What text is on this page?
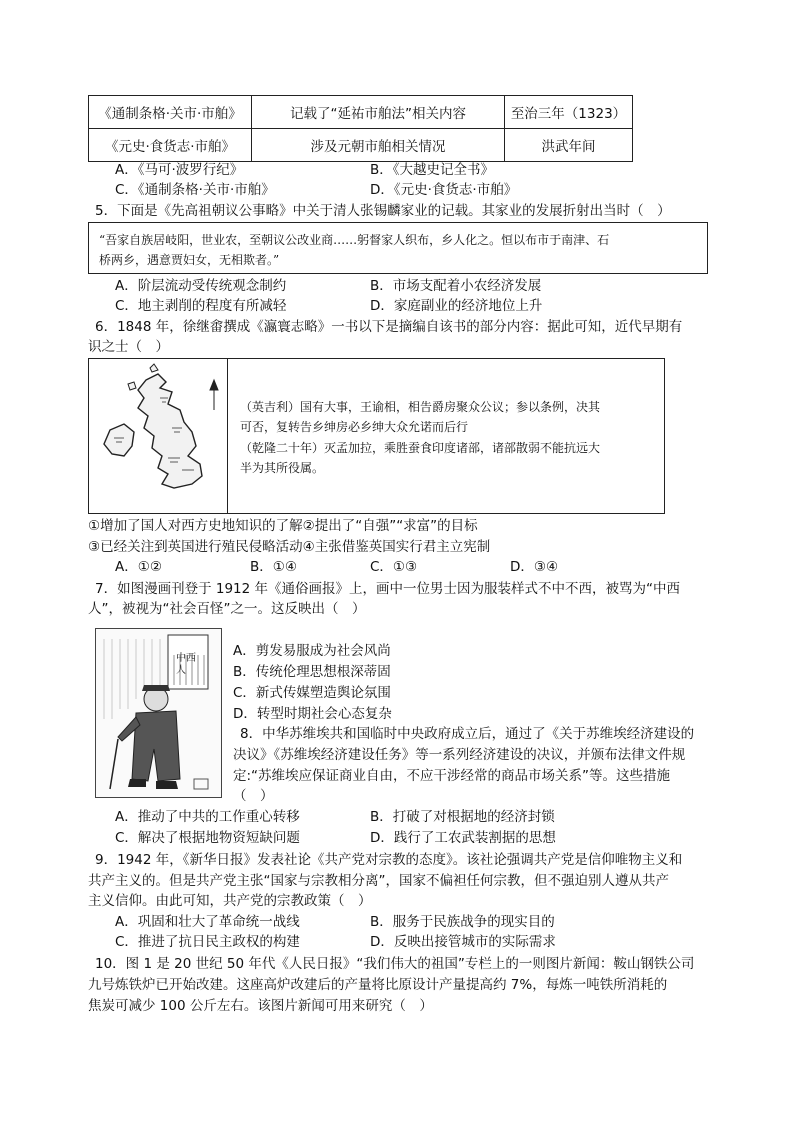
《通制条格·关市·市舶》	记载了“延祐市舶法”相关内容	至治三年（1323）
《元史·食货志·市舶》	涉及元朝市舶相关情况	洪武年间
A．《马可·波罗行纪》	B．《大越史记全书》
C．《通制条格·关市·市舶》	D．《元史·食货志·市舶》
5．下面是《先高祖朝议公事略》中关于清人张锡麟家业的记载。其家业的发展折射出当时（　）
“吾家自族居岐阳，世业农，至朝议公改业商……躬督家人织布，乡人化之。恒以布市于南津、石
桥两乡，遇意贾妇女，无相欺者。”
A．阶层流动受传统观念制约	B．市场支配着小农经济发展
C．地主剥削的程度有所减轻	D．家庭副业的经济地位上升
6．1848 年，徐继畬撰成《瀛寰志略》一书以下是摘编自该书的部分内容：据此可知，近代早期有
识之士（　）
（英吉利）国有大事，王谕相，相告爵房聚众公议；参以条例，决其
可否，复转告乡绅房必乡绅大众允诺而后行
（乾隆二十年）灭孟加拉，乘胜蚕食印度诸部，诸部散弱不能抗远大
半为其所役属。
①增加了国人对西方史地知识的了解②提出了“自强”“求富”的目标
③已经关注到英国进行殖民侵略活动④主张借鉴英国实行君主立宪制
A．①②	B．①④	C．①③	D．③④
7．如图漫画刊登于 1912 年《通俗画报》上，画中一位男士因为服装样式不中不西，被骂为“中西
人”，被视为“社会百怪”之一。这反映出（　）
中西人
A．剪发易服成为社会风尚
B．传统伦理思想根深蒂固
C．新式传媒塑造舆论氛围
D．转型时期社会心态复杂
8．中华苏维埃共和国临时中央政府成立后，通过了《关于苏维埃经济建设的
决议》《苏维埃经济建设任务》等一系列经济建设的决议，并颁布法律文件规
定:“苏维埃应保证商业自由，不应干涉经常的商品市场关系”等。这些措施
（　）
A．推动了中共的工作重心转移	B．打破了对根据地的经济封锁
C．解决了根据地物资短缺问题	D．践行了工农武装割据的思想
9．1942 年，《新华日报》发表社论《共产党对宗教的态度》。该社论强调共产党是信仰唯物主义和
共产主义的。但是共产党主张“国家与宗教相分离”，国家不偏袒任何宗教，但不强迫别人遵从共产
主义信仰。由此可知，共产党的宗教政策（　）
A．巩固和壮大了革命统一战线	B．服务于民族战争的现实目的
C．推进了抗日民主政权的构建	D．反映出接管城市的实际需求
10．图 1 是 20 世纪 50 年代《人民日报》“我们伟大的祖国”专栏上的一则图片新闻：鞍山钢铁公司
九号炼铁炉已开始改建。这座高炉改建后的产量将比原设计产量提高约 7%，每炼一吨铁所消耗的
焦炭可减少 100 公斤左右。该图片新闻可用来研究（　）
